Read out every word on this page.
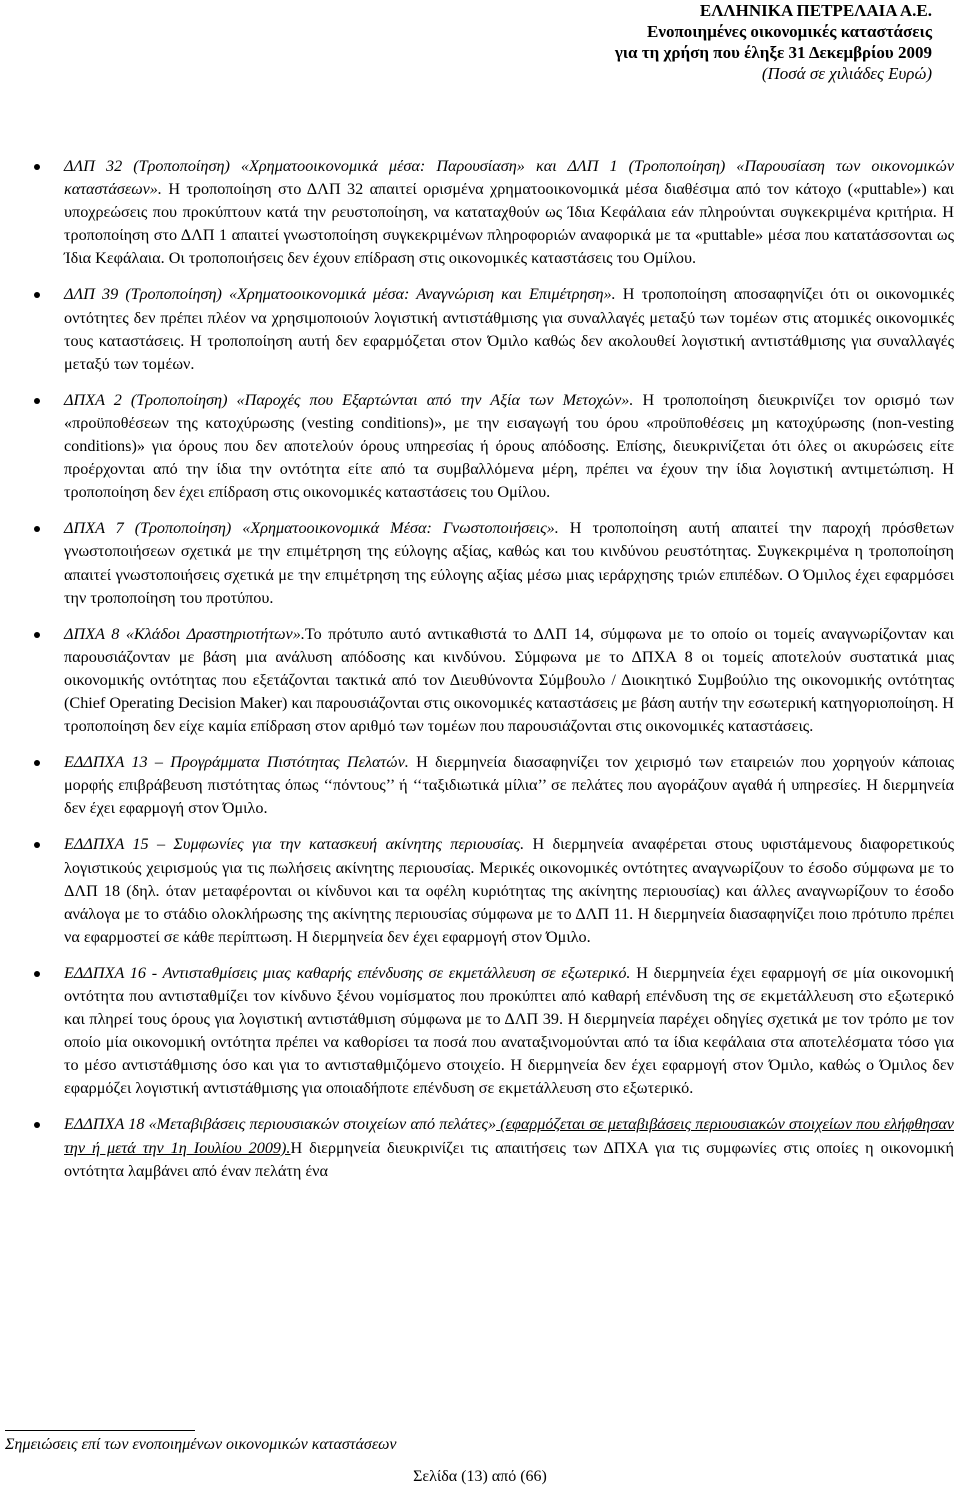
ΕΛΛΗΝΙΚΑ ΠΕΤΡΕΛΑΙΑ Α.Ε.
Ενοποιημένες οικονομικές καταστάσεις
για τη χρήση που έληξε 31 Δεκεμβρίου 2009
(Ποσά σε χιλιάδες Ευρώ)
ΔΛΠ 32 (Τροποποίηση) «Χρηματοοικονομικά μέσα: Παρουσίαση» και ΔΛΠ 1 (Τροποποίηση) «Παρουσίαση των οικονομικών καταστάσεων». Η τροποποίηση στο ΔΛΠ 32 απαιτεί ορισμένα χρηματοοικονομικά μέσα διαθέσιμα από τον κάτοχο («puttable») και υποχρεώσεις που προκύπτουν κατά την ρευστοποίηση, να καταταχθούν ως Ίδια Κεφάλαια εάν πληρούνται συγκεκριμένα κριτήρια. Η τροποποίηση στο ΔΛΠ 1 απαιτεί γνωστοποίηση συγκεκριμένων πληροφοριών αναφορικά με τα «puttable» μέσα που κατατάσσονται ως Ίδια Κεφάλαια. Οι τροποποιήσεις δεν έχουν επίδραση στις οικονομικές καταστάσεις του Ομίλου.
ΔΛΠ 39 (Τροποποίηση) «Χρηματοοικονομικά μέσα: Αναγνώριση και Επιμέτρηση». Η τροποποίηση αποσαφηνίζει ότι οι οικονομικές οντότητες δεν πρέπει πλέον να χρησιμοποιούν λογιστική αντιστάθμισης για συναλλαγές μεταξύ των τομέων στις ατομικές οικονομικές τους καταστάσεις. Η τροποποίηση αυτή δεν εφαρμόζεται στον Όμιλο καθώς δεν ακολουθεί λογιστική αντιστάθμισης για συναλλαγές μεταξύ των τομέων.
ΔΠΧΑ 2 (Τροποποίηση) «Παροχές που Εξαρτώνται από την Αξία των Μετοχών». Η τροποποίηση διευκρινίζει τον ορισμό των «προϋποθέσεων της κατοχύρωσης (vesting conditions)», με την εισαγωγή του όρου «προϋποθέσεις μη κατοχύρωσης (non-vesting conditions)» για όρους που δεν αποτελούν όρους υπηρεσίας ή όρους απόδοσης. Επίσης, διευκρινίζεται ότι όλες οι ακυρώσεις είτε προέρχονται από την ίδια την οντότητα είτε από τα συμβαλλόμενα μέρη, πρέπει να έχουν την ίδια λογιστική αντιμετώπιση. Η τροποποίηση δεν έχει επίδραση στις οικονομικές καταστάσεις του Ομίλου.
ΔΠΧΑ 7 (Τροποποίηση) «Χρηματοοικονομικά Μέσα: Γνωστοποιήσεις». Η τροποποίηση αυτή απαιτεί την παροχή πρόσθετων γνωστοποιήσεων σχετικά με την επιμέτρηση της εύλογης αξίας, καθώς και του κινδύνου ρευστότητας. Συγκεκριμένα η τροποποίηση απαιτεί γνωστοποιήσεις σχετικά με την επιμέτρηση της εύλογης αξίας μέσω μιας ιεράρχησης τριών επιπέδων. Ο Όμιλος έχει εφαρμόσει την τροποποίηση του προτύπου.
ΔΠΧΑ 8 «Κλάδοι Δραστηριοτήτων».Το πρότυπο αυτό αντικαθιστά το ΔΛΠ 14, σύμφωνα με το οποίο οι τομείς αναγνωρίζονταν και παρουσιάζονταν με βάση μια ανάλυση απόδοσης και κινδύνου. Σύμφωνα με το ΔΠΧΑ 8 οι τομείς αποτελούν συστατικά μιας οικονομικής οντότητας που εξετάζονται τακτικά από τον Διευθύνοντα Σύμβουλο / Διοικητικό Συμβούλιο της οικονομικής οντότητας (Chief Operating Decision Maker) και παρουσιάζονται στις οικονομικές καταστάσεις με βάση αυτήν την εσωτερική κατηγοριοποίηση. Η τροποποίηση δεν είχε καμία επίδραση στον αριθμό των τομέων που παρουσιάζονται στις οικονομικές καταστάσεις.
ΕΔΔΠΧΑ 13 – Προγράμματα Πιστότητας Πελατών. Η διερμηνεία διασαφηνίζει τον χειρισμό των εταιρειών που χορηγούν κάποιας μορφής επιβράβευση πιστότητας όπως ‘‘πόντους’’ ή ‘‘ταξιδιωτικά μίλια’’ σε πελάτες που αγοράζουν αγαθά ή υπηρεσίες. Η διερμηνεία δεν έχει εφαρμογή στον Όμιλο.
ΕΔΔΠΧΑ 15 – Συμφωνίες για την κατασκευή ακίνητης περιουσίας. Η διερμηνεία αναφέρεται στους υφιστάμενους διαφορετικούς λογιστικούς χειρισμούς για τις πωλήσεις ακίνητης περιουσίας. Μερικές οικονομικές οντότητες αναγνωρίζουν το έσοδο σύμφωνα με το ΔΛΠ 18 (δηλ. όταν μεταφέρονται οι κίνδυνοι και τα οφέλη κυριότητας της ακίνητης περιουσίας) και άλλες αναγνωρίζουν το έσοδο ανάλογα με το στάδιο ολοκλήρωσης της ακίνητης περιουσίας σύμφωνα με το ΔΛΠ 11. Η διερμηνεία διασαφηνίζει ποιο πρότυπο πρέπει να εφαρμοστεί σε κάθε περίπτωση. Η διερμηνεία δεν έχει εφαρμογή στον Όμιλο.
ΕΔΔΠΧΑ 16 - Αντισταθμίσεις μιας καθαρής επένδυσης σε εκμετάλλευση σε εξωτερικό. Η διερμηνεία έχει εφαρμογή σε μία οικονομική οντότητα που αντισταθμίζει τον κίνδυνο ξένου νομίσματος που προκύπτει από καθαρή επένδυση της σε εκμετάλλευση στο εξωτερικό και πληρεί τους όρους για λογιστική αντιστάθμιση σύμφωνα με το ΔΛΠ 39. Η διερμηνεία παρέχει οδηγίες σχετικά με τον τρόπο με τον οποίο μία οικονομική οντότητα πρέπει να καθορίσει τα ποσά που αναταξινομούνται από τα ίδια κεφάλαια στα αποτελέσματα τόσο για το μέσο αντιστάθμισης όσο και για το αντισταθμιζόμενο στοιχείο. Η διερμηνεία δεν έχει εφαρμογή στον Όμιλο, καθώς ο Όμιλος δεν εφαρμόζει λογιστική αντιστάθμισης για οποιαδήποτε επένδυση σε εκμετάλλευση στο εξωτερικό.
ΕΔΔΠΧΑ 18 «Μεταβιβάσεις περιουσιακών στοιχείων από πελάτες» (εφαρμόζεται σε μεταβιβάσεις περιουσιακών στοιχείων που ελήφθησαν την ή μετά την 1η Ιουλίου 2009).Η διερμηνεία διευκρινίζει τις απαιτήσεις των ΔΠΧΑ για τις συμφωνίες στις οποίες η οικονομική οντότητα λαμβάνει από έναν πελάτη ένα
Σημειώσεις επί των ενοποιημένων οικονομικών καταστάσεων
Σελίδα (13) από (66)
